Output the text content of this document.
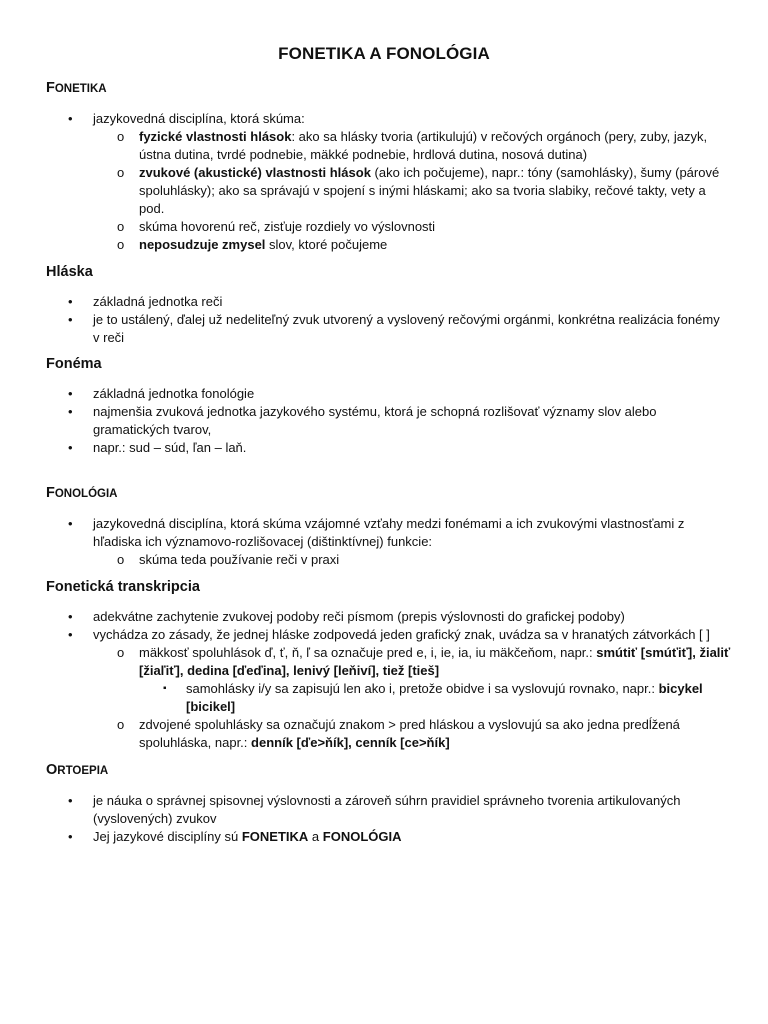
FONETIKA A FONOLÓGIA
FONETIKA
• jazykovedná disciplína, ktorá skúma:
o fyzické vlastnosti hlások: ako sa hlásky tvoria (artikulujú) v rečových orgánoch (pery, zuby, jazyk,
ústna dutina, tvrdé podnebie, mäkké podnebie, hrdlová dutina, nosová dutina)
o zvukové (akustické) vlastnosti hlások (ako ich počujeme), napr.: tóny (samohlásky), šumy (párové
spoluhlásky); ako sa správajú v spojení s inými hláskami; ako sa tvoria slabiky, rečové takty, vety a
pod.
o skúma hovorenú reč, zisťuje rozdiely vo výslovnosti
o neposudzuje zmysel slov, ktoré počujeme
Hláska
• základná jednotka reči
• je to ustálený, ďalej už nedeliteľný zvuk utvorený a vyslovený rečovými orgánmi, konkrétna realizácia fonémy
v reči
Fonéma
• základná jednotka fonológie
• najmenšia zvuková jednotka jazykového systému, ktorá je schopná rozlišovať významy slov alebo
gramatických tvarov,
• napr.: sud – súd, ľan – laň.
FONOLÓGIA
• jazykovedná disciplína, ktorá skúma vzájomné vzťahy medzi fonémami a ich zvukovými vlastnosťami z
hľadiska ich významovo-rozlišovacej (dištinktívnej) funkcie:
o skúma teda používanie reči v praxi
Fonetická transkripcia
• adekvátne zachytenie zvukovej podoby reči písmom (prepis výslovnosti do grafickej podoby)
• vychádza zo zásady, že jednej hláske zodpovedá jeden grafický znak, uvádza sa v hranatých zátvorkách [ ]
o mäkkosť spoluhlások ď, ť, ň, ľ sa označuje pred e, i, ie, ia, iu mäkčeňom, napr.: smútiť [smúťiť], žialiť
[žiaľiť], dedina [ďeďina], lenivý [leňiví], tiež [tieš]
▪ samohlásky i/y sa zapisujú len ako i, pretože obidve i sa vyslovujú rovnako, napr.: bicykel
[bicikel]
o zdvojené spoluhlásky sa označujú znakom > pred hláskou a vyslovujú sa ako jedna predĺžená
spoluhláska, napr.: denník [ďe>ňík], cenník [ce>ňík]
ORTOEPIA
• je náuka o správnej spisovnej výslovnosti a zároveň súhrn pravidiel správneho tvorenia artikulovaných
(vyslovených) zvukov
• Jej jazykové disciplíny sú FONETIKA a FONOLÓGIA
